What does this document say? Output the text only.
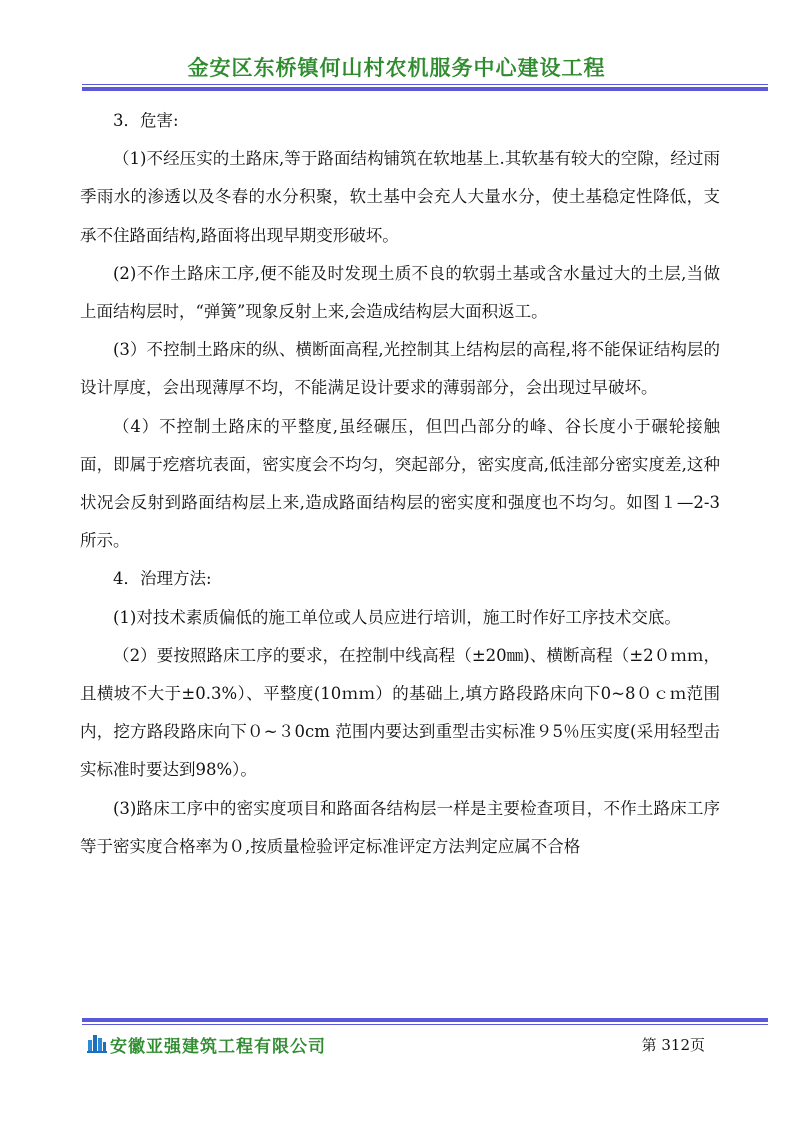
金安区东桥镇何山村农机服务中心建设工程

3．危害:

（1)不经压实的土路床,等于路面结构铺筑在软地基上.其软基有较大的空隙，经过雨季雨水的渗透以及冬春的水分积聚，软土基中会充人大量水分，使土基稳定性降低，支承不住路面结构,路面将出现早期变形破坏。

(2)不作土路床工序,便不能及时发现土质不良的软弱土基或含水量过大的土层,当做上面结构层时，“弹簧”现象反射上来,会造成结构层大面积返工。

(3）不控制土路床的纵、横断面高程,光控制其上结构层的高程,将不能保证结构层的设计厚度，会出现薄厚不均，不能满足设计要求的薄弱部分，会出现过早破坏。

（4）不控制土路床的平整度,虽经碾压，但凹凸部分的峰、谷长度小于碾轮接触面，即属于疙瘩坑表面，密实度会不均匀，突起部分，密实度高,低洼部分密实度差,这种状况会反射到路面结构层上来,造成路面结构层的密实度和强度也不均匀。如图１—2-3 所示。

4．治理方法:

(1)对技术素质偏低的施工单位或人员应进行培训，施工时作好工序技术交底。

（2）要按照路床工序的要求，在控制中线高程（±20㎜)、横断高程（±2０ｍｍ，且横坡不大于±0.3%）、平整度(10ｍｍ）的基础上,填方路段路床向下0~8０ｃｍ范围内，挖方路段路床向下０~３0cm 范围内要达到重型击实标准９5％压实度(采用轻型击实标准时要达到98%）。

(3)路床工序中的密实度项目和路面各结构层一样是主要检查项目，不作土路床工序等于密实度合格率为０,按质量检验评定标准评定方法判定应属不合格

安徽亚强建筑工程有限公司	第 312页
